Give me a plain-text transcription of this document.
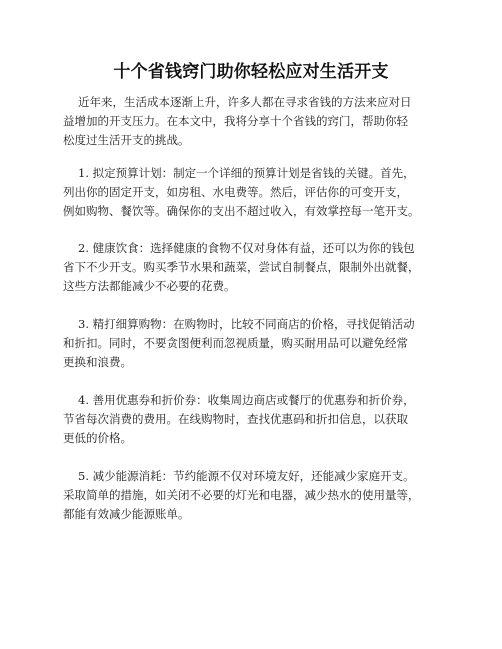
十个省钱窍门助你轻松应对生活开支
近年来，生活成本逐渐上升，许多人都在寻求省钱的方法来应对日
益增加的开支压力。在本文中，我将分享十个省钱的窍门，帮助你轻
松度过生活开支的挑战。
1. 拟定预算计划：制定一个详细的预算计划是省钱的关键。首先，
列出你的固定开支，如房租、水电费等。然后，评估你的可变开支，
例如购物、餐饮等。确保你的支出不超过收入，有效掌控每一笔开支。
2. 健康饮食：选择健康的食物不仅对身体有益，还可以为你的钱包
省下不少开支。购买季节水果和蔬菜，尝试自制餐点，限制外出就餐，
这些方法都能减少不必要的花费。
3. 精打细算购物：在购物时，比较不同商店的价格，寻找促销活动
和折扣。同时，不要贪图便利而忽视质量，购买耐用品可以避免经常
更换和浪费。
4. 善用优惠券和折价券：收集周边商店或餐厅的优惠券和折价券，
节省每次消费的费用。在线购物时，查找优惠码和折扣信息，以获取
更低的价格。
5. 减少能源消耗：节约能源不仅对环境友好，还能减少家庭开支。
采取简单的措施，如关闭不必要的灯光和电器，减少热水的使用量等，
都能有效减少能源账单。
